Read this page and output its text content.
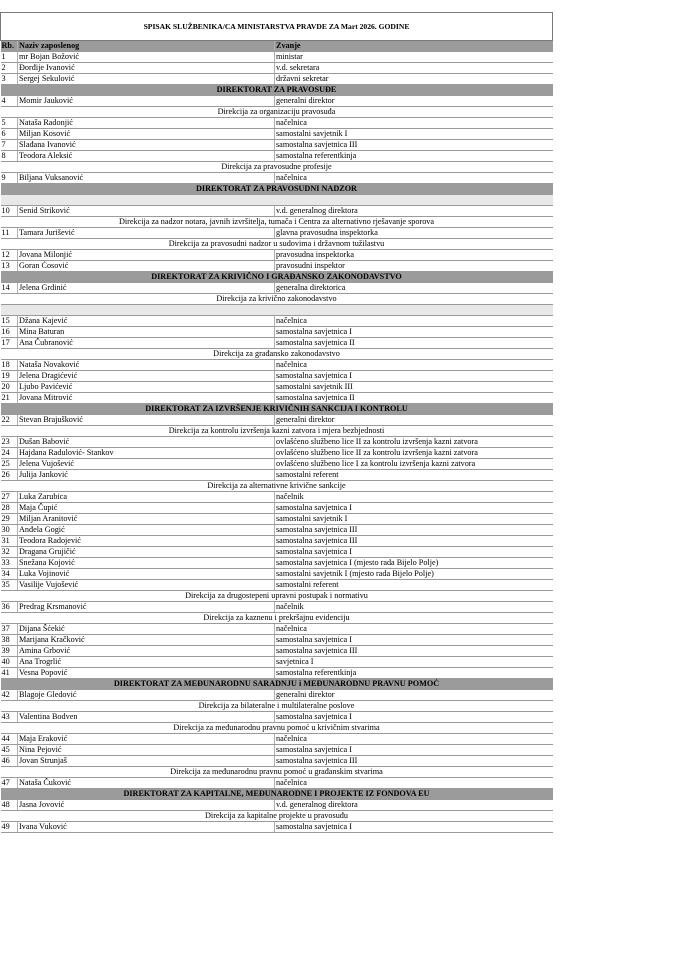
SPISAK SLUŽBENIKA/CA MINISTARSTVA PRAVDE ZA Mart 2026. GODINE		
Rb.	Naziv zaposlenog	Zvanje
1	mr Bojan Božović	ministar
2	Đorđije Ivanović	v.d. sekretara
3	Sergej Sekulović	državni sekretar
DIREKTORAT ZA PRAVOSUĐE		
4	Momir Jauković	generalni direktor
Direkcija za organizaciju pravosuđa		
5	Nataša Radonjić	načelnica
6	Miljan Kosović	samostalni savjetnik I
7	Slađana Ivanović	samostalna savjetnica III
8	Teodora Aleksić	samostalna referentkinja
Direkcija za pravosudne profesije		
9	Biljana Vuksanović	načelnica
DIREKTORAT ZA PRAVOSUDNI NADZOR		

10	Senid Striković	v.d. generalnog direktora
Direkcija za nadzor notara, javnih izvršitelja, tumača i Centra za alternativno rješavanje sporova		
11	Tamara Jurišević	glavna pravosudna inspektorka
Direkcija za pravosudni nadzor u sudovima i državnom tužilastvu		
12	Jovana Milonjić	pravosudna inspektorka
13	Goran Ćosović	pravosudni inspektor
DIREKTORAT ZA KRIVIČNO I GRAĐANSKO ZAKONODAVSTVO		
14	Jelena Grdinić	generalna direktorica
Direkcija za krivično zakonodavstvo		

15	Džana Kajević	načelnica
16	Mina Baturan	samostalna savjetnica I
17	Ana Čubranović	samostalna savjetnica II
Direkcija za građansko zakonodavstvo		
18	Nataša Novaković	načelnica
19	Jelena Dragićević	samostalna savjetnica I
20	Ljubo Pavićević	samostalni savjetnik III
21	Jovana Mitrović	samostalna savjetnica II
DIREKTORAT ZA IZVRŠENJE KRIVIČNIH SANKCIJA I KONTROLU		
22	Stevan Brajušković	generalni direktor
Direkcija za kontrolu izvršenja kazni zatvora i mjera bezbjednosti		
23	Dušan Babović	ovlašćeno službeno lice II za kontrolu izvršenja kazni zatvora
24	Hajdana Radulović- Stankov	ovlašćeno službeno lice II za kontrolu izvršenja kazni zatvora
25	Jelena Vujošević	ovlašćeno službeno lice I za kontrolu izvršenja kazni zatvora
26	Julija Janković	samostalni referent
Direkcija za alternativne krivične sankcije		
27	Luka Zarubica	načelnik
28	Maja Čupić	samostalna savjetnica I
29	Miljan Aranitović	samostalni savjetnik I
30	Anđela Gogić	samostalna savjetnica III
31	Teodora Radojević	samostalna savjetnica III
32	Dragana Grujičić	samostalna savjetnica I
33	Snežana Kojović	samostalna savjetnica I (mjesto rada Bijelo Polje)
34	Luka Vojinović	samostalni savjetnik I (mjesto rada Bijelo Polje)
35	Vasilije Vujošević	samostalni referent
Direkcija za drugostepeni upravni postupak i normativu		
36	Predrag Krsmanović	načelnik
Direkcija za kaznenu i prekršajnu evidenciju		
37	Dijana Šćekić	načelnica
38	Marijana Kračković	samostalna savjetnica I
39	Amina Grbović	samostalna savjetnica III
40	Ana Trogrlić	savjetnica I
41	Vesna Popović	samostalna referentkinja
DIREKTORAT ZA MEĐUNARODNU SARADNJU i MEĐUNARODNU PRAVNU POMOĆ		
42	Blagoje Gledović	generalni direktor
Direkcija za bilateralne i multilateralne poslove		
43	Valentina Bodven	samostalna savjetnica I
Direkcija za međunarodnu pravnu pomoć u krivičnim stvarima		
44	Maja Eraković	načelnica
45	Nina Pejović	samostalna savjetnica I
46	Jovan Strunjaš	samostalna savjetnica III
Direkcija za međunarodnu pravnu pomoć u građanskim stvarima		
47	Nataša Čuković	načelnica
DIREKTORAT ZA KAPITALNE, MEĐUNARODNE I PROJEKTE IZ FONDOVA EU		
48	Jasna Jovović	v.d. generalnog direktora
Direkcija za kapitalne projekte u pravosuđu		
49	Ivana Vuković	samostalna savjetnica I
